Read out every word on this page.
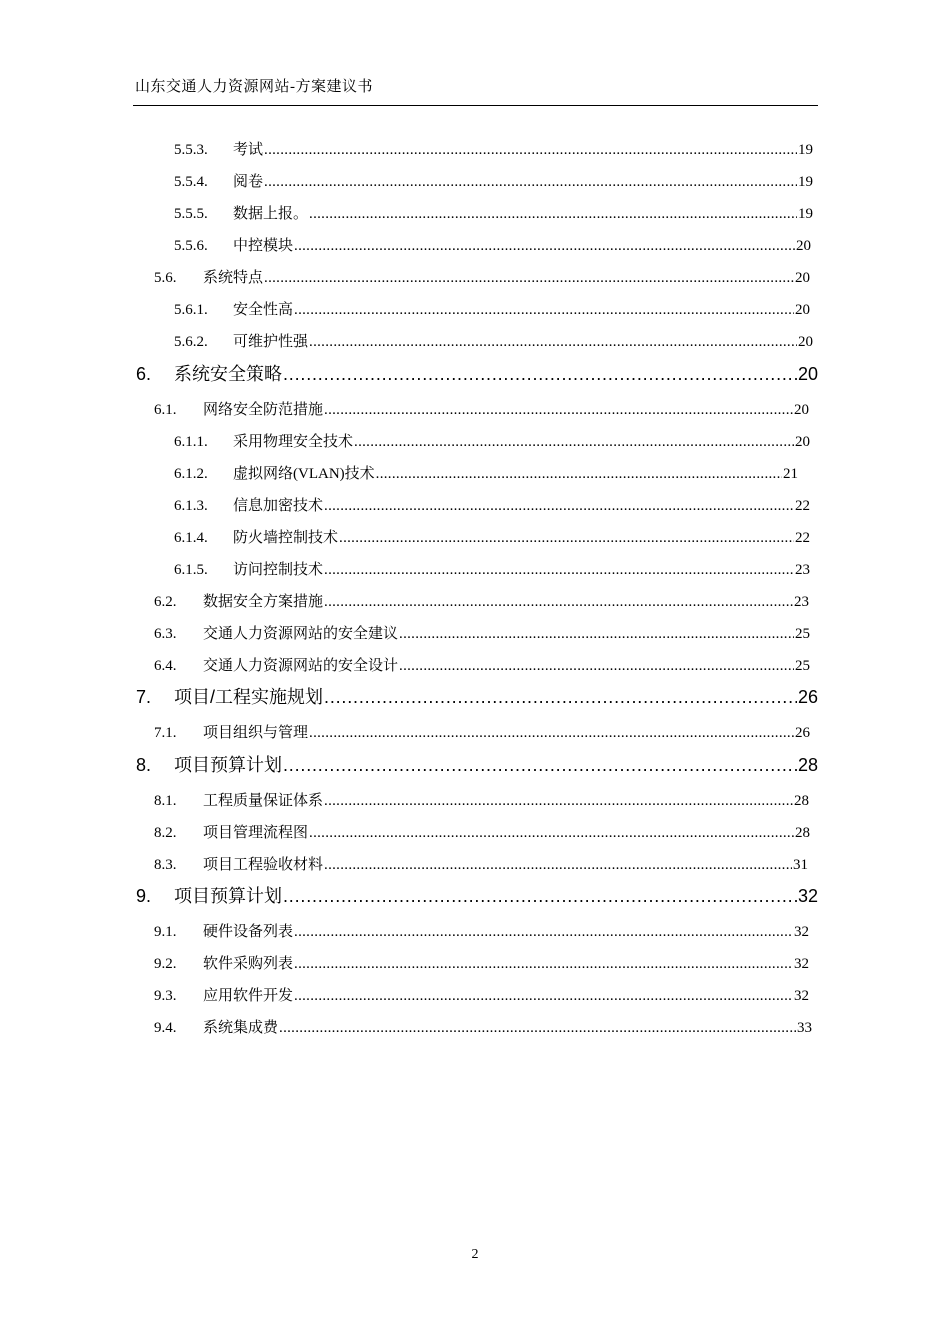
山东交通人力资源网站-方案建议书
5.5.3.	考试 .....	19
5.5.4.	阅卷 .....	19
5.5.5.	数据上报。 .....	19
5.5.6.	中控模块 .....	20
5.6.	系统特点 .....	20
5.6.1.	安全性高 .....	20
5.6.2.	可维护性强 .....	20
6.	系统安全策略 .....	20
6.1.	网络安全防范措施 .....	20
6.1.1.	采用物理安全技术 .....	20
6.1.2.	虚拟网络(VLAN)技术 .....	21
6.1.3.	信息加密技术 .....	22
6.1.4.	防火墙控制技术 .....	22
6.1.5.	访问控制技术 .....	23
6.2.	数据安全方案措施 .....	23
6.3.	交通人力资源网站的安全建议 .....	25
6.4.	交通人力资源网站的安全设计 .....	25
7.	项目/工程实施规划 .....	26
7.1.	项目组织与管理 .....	26
8.	项目预算计划 .....	28
8.1.	工程质量保证体系 .....	28
8.2.	项目管理流程图 .....	28
8.3.	项目工程验收材料 .....	31
9.	项目预算计划 .....	32
9.1.	硬件设备列表 .....	32
9.2.	软件采购列表 .....	32
9.3.	应用软件开发 .....	32
9.4.	系统集成费 .....	33
2
